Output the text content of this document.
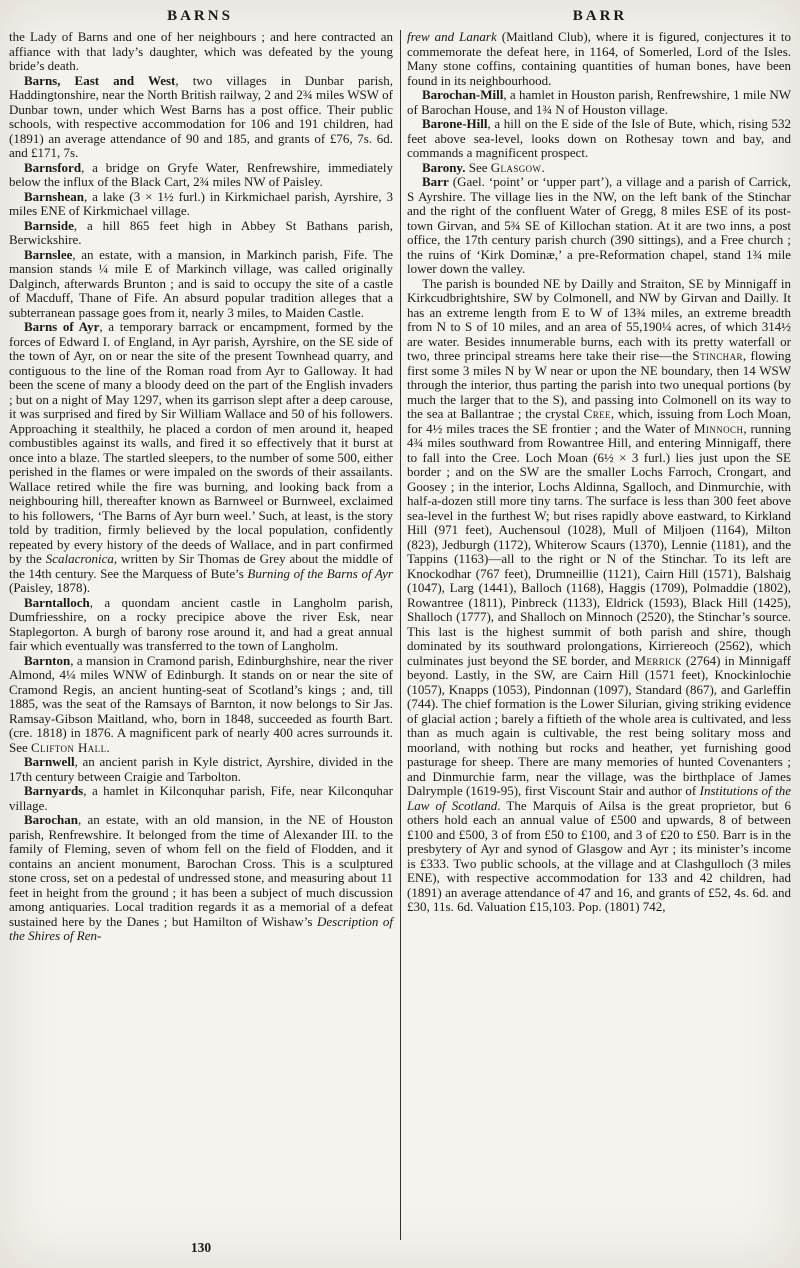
BARNS	BARR

the Lady of Barns and one of her neighbours ; and here contracted an affiance with that lady’s daughter, which was defeated by the young bride’s death.

Barns, East and West, two villages in Dunbar parish, Haddingtonshire, near the North British railway, 2 and 2¾ miles WSW of Dunbar town, under which West Barns has a post office. Their public schools, with respective accommodation for 106 and 191 children, had (1891) an average attendance of 90 and 185, and grants of £76, 7s. 6d. and £171, 7s.

Barnsford, a bridge on Gryfe Water, Renfrewshire, immediately below the influx of the Black Cart, 2¾ miles NW of Paisley.

Barnshean, a lake (3 × 1½ furl.) in Kirkmichael parish, Ayrshire, 3 miles ENE of Kirkmichael village.

Barnside, a hill 865 feet high in Abbey St Bathans parish, Berwickshire.

Barnslee, an estate, with a mansion, in Markinch parish, Fife. The mansion stands ¼ mile E of Markinch village, was called originally Dalginch, afterwards Brunton ; and is said to occupy the site of a castle of Macduff, Thane of Fife. An absurd popular tradition alleges that a subterranean passage goes from it, nearly 3 miles, to Maiden Castle.

Barns of Ayr, a temporary barrack or encampment, formed by the forces of Edward I. of England, in Ayr parish, Ayrshire, on the SE side of the town of Ayr, on or near the site of the present Townhead quarry, and contiguous to the line of the Roman road from Ayr to Galloway. It had been the scene of many a bloody deed on the part of the English invaders ; but on a night of May 1297, when its garrison slept after a deep carouse, it was surprised and fired by Sir William Wallace and 50 of his followers. Approaching it stealthily, he placed a cordon of men around it, heaped combustibles against its walls, and fired it so effectively that it burst at once into a blaze. The startled sleepers, to the number of some 500, either perished in the flames or were impaled on the swords of their assailants. Wallace retired while the fire was burning, and looking back from a neighbouring hill, thereafter known as Barnweel or Burnweel, exclaimed to his followers, ‘The Barns of Ayr burn weel.’ Such, at least, is the story told by tradition, firmly believed by the local population, confidently repeated by every history of the deeds of Wallace, and in part confirmed by the Scalacronica, written by Sir Thomas de Grey about the middle of the 14th century. See the Marquess of Bute’s Burning of the Barns of Ayr (Paisley, 1878).

Barntalloch, a quondam ancient castle in Langholm parish, Dumfriesshire, on a rocky precipice above the river Esk, near Staplegorton. A burgh of barony rose around it, and had a great annual fair which eventually was transferred to the town of Langholm.

Barnton, a mansion in Cramond parish, Edinburghshire, near the river Almond, 4¼ miles WNW of Edinburgh. It stands on or near the site of Cramond Regis, an ancient hunting-seat of Scotland’s kings ; and, till 1885, was the seat of the Ramsays of Barnton, it now belongs to Sir Jas. Ramsay-Gibson Maitland, who, born in 1848, succeeded as fourth Bart. (cre. 1818) in 1876. A magnificent park of nearly 400 acres surrounds it. See Clifton Hall.

Barnwell, an ancient parish in Kyle district, Ayrshire, divided in the 17th century between Craigie and Tarbolton.

Barnyards, a hamlet in Kilconquhar parish, Fife, near Kilconquhar village.

Barochan, an estate, with an old mansion, in the NE of Houston parish, Renfrewshire. It belonged from the time of Alexander III. to the family of Fleming, seven of whom fell on the field of Flodden, and it contains an ancient monument, Barochan Cross. This is a sculptured stone cross, set on a pedestal of undressed stone, and measuring about 11 feet in height from the ground ; it has been a subject of much discussion among antiquaries. Local tradition regards it as a memorial of a defeat sustained here by the Danes ; but Hamilton of Wishaw’s Description of the Shires of Ren-

frew and Lanark (Maitland Club), where it is figured, conjectures it to commemorate the defeat here, in 1164, of Somerled, Lord of the Isles. Many stone coffins, containing quantities of human bones, have been found in its neighbourhood.

Barochan-Mill, a hamlet in Houston parish, Renfrewshire, 1 mile NW of Barochan House, and 1¾ N of Houston village.

Barone-Hill, a hill on the E side of the Isle of Bute, which, rising 532 feet above sea-level, looks down on Rothesay town and bay, and commands a magnificent prospect.

Barony. See Glasgow.

Barr (Gael. ‘point’ or ‘upper part’), a village and a parish of Carrick, S Ayrshire. The village lies in the NW, on the left bank of the Stinchar and the right of the confluent Water of Gregg, 8 miles ESE of its post-town Girvan, and 5¾ SE of Killochan station. At it are two inns, a post office, the 17th century parish church (390 sittings), and a Free church ; the ruins of ‘Kirk Dominæ,’ a pre-Reformation chapel, stand 1¾ mile lower down the valley.

The parish is bounded NE by Dailly and Straiton, SE by Minnigaff in Kirkcudbrightshire, SW by Colmonell, and NW by Girvan and Dailly. It has an extreme length from E to W of 13¾ miles, an extreme breadth from N to S of 10 miles, and an area of 55,190¼ acres, of which 314½ are water. Besides innumerable burns, each with its pretty waterfall or two, three principal streams here take their rise—the Stinchar, flowing first some 3 miles N by W near or upon the NE boundary, then 14 WSW through the interior, thus parting the parish into two unequal portions (by much the larger that to the S), and passing into Colmonell on its way to the sea at Ballantrae ; the crystal Cree, which, issuing from Loch Moan, for 4½ miles traces the SE frontier ; and the Water of Minnoch, running 4¾ miles southward from Rowantree Hill, and entering Minnigaff, there to fall into the Cree. Loch Moan (6½ × 3 furl.) lies just upon the SE border ; and on the SW are the smaller Lochs Farroch, Crongart, and Goosey ; in the interior, Lochs Aldinna, Sgalloch, and Dinmurchie, with half-a-dozen still more tiny tarns. The surface is less than 300 feet above sea-level in the furthest W; but rises rapidly above eastward, to Kirkland Hill (971 feet), Auchensoul (1028), Mull of Miljoen (1164), Milton (823), Jedburgh (1172), Whiterow Scaurs (1370), Lennie (1181), and the Tappins (1163)—all to the right or N of the Stinchar. To its left are Knockodhar (767 feet), Drumneillie (1121), Cairn Hill (1571), Balshaig (1047), Larg (1441), Balloch (1168), Haggis (1709), Polmaddie (1802), Rowantree (1811), Pinbreck (1133), Eldrick (1593), Black Hill (1425), Shalloch (1777), and Shalloch on Minnoch (2520), the Stinchar’s source. This last is the highest summit of both parish and shire, though dominated by its southward prolongations, Kirriereoch (2562), which culminates just beyond the SE border, and Merrick (2764) in Minnigaff beyond. Lastly, in the SW, are Cairn Hill (1571 feet), Knockinlochie (1057), Knapps (1053), Pindonnan (1097), Standard (867), and Garleffin (744). The chief formation is the Lower Silurian, giving striking evidence of glacial action ; barely a fiftieth of the whole area is cultivated, and less than as much again is cultivable, the rest being solitary moss and moorland, with nothing but rocks and heather, yet furnishing good pasturage for sheep. There are many memories of hunted Covenanters ; and Dinmurchie farm, near the village, was the birthplace of James Dalrymple (1619-95), first Viscount Stair and author of Institutions of the Law of Scotland. The Marquis of Ailsa is the great proprietor, but 6 others hold each an annual value of £500 and upwards, 8 of between £100 and £500, 3 of from £50 to £100, and 3 of £20 to £50. Barr is in the presbytery of Ayr and synod of Glasgow and Ayr ; its minister’s income is £333. Two public schools, at the village and at Clashgulloch (3 miles ENE), with respective accommodation for 133 and 42 children, had (1891) an average attendance of 47 and 16, and grants of £52, 4s. 6d. and £30, 11s. 6d. Valuation £15,103. Pop. (1801) 742,

130
